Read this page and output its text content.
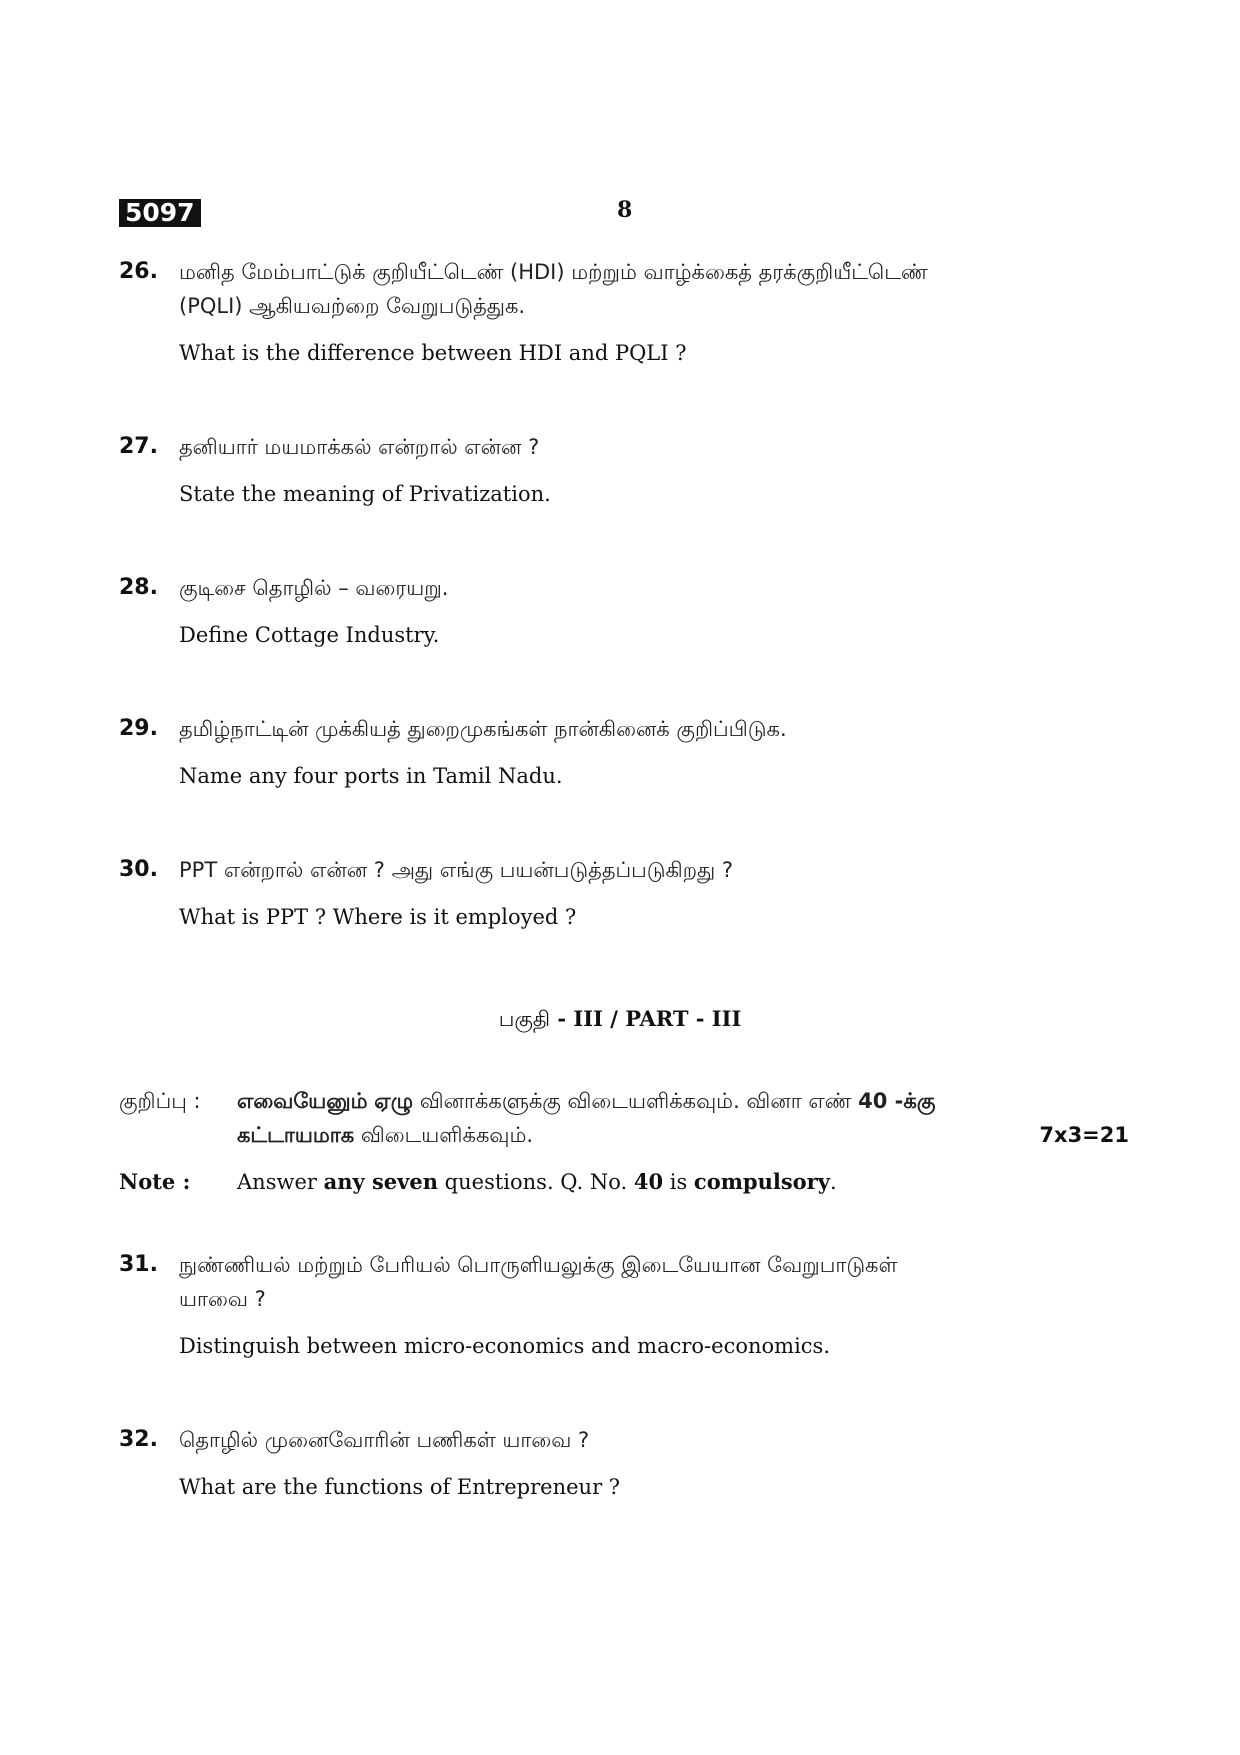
5097	8
26. மனித மேம்பாட்டுக் குறியீட்டெண் (HDI) மற்றும் வாழ்க்கைத் தரக்குறியீட்டெண்
(PQLI) ஆகியவற்றை வேறுபடுத்துக.
What is the difference between HDI and PQLI ?
27. தனியார் மயமாக்கல் என்றால் என்ன ?
State the meaning of Privatization.
28. குடிசை தொழில் – வரையறு.
Define Cottage Industry.
29. தமிழ்நாட்டின் முக்கியத் துறைமுகங்கள் நான்கினைக் குறிப்பிடுக.
Name any four ports in Tamil Nadu.
30. PPT என்றால் என்ன ? அது எங்கு பயன்படுத்தப்படுகிறது ?
What is PPT ? Where is it employed ?
பகுதி - III / PART - III
குறிப்பு : எவையேனும் ஏழு வினாக்களுக்கு விடையளிக்கவும். வினா எண் 40 -க்கு
கட்டாயமாக விடையளிக்கவும்.	7x3=21
Note : Answer any seven questions. Q. No. 40 is compulsory.
31. நுண்ணியல் மற்றும் பேரியல் பொருளியலுக்கு இடையேயான வேறுபாடுகள்
யாவை ?
Distinguish between micro-economics and macro-economics.
32. தொழில் முனைவோரின் பணிகள் யாவை ?
What are the functions of Entrepreneur ?
